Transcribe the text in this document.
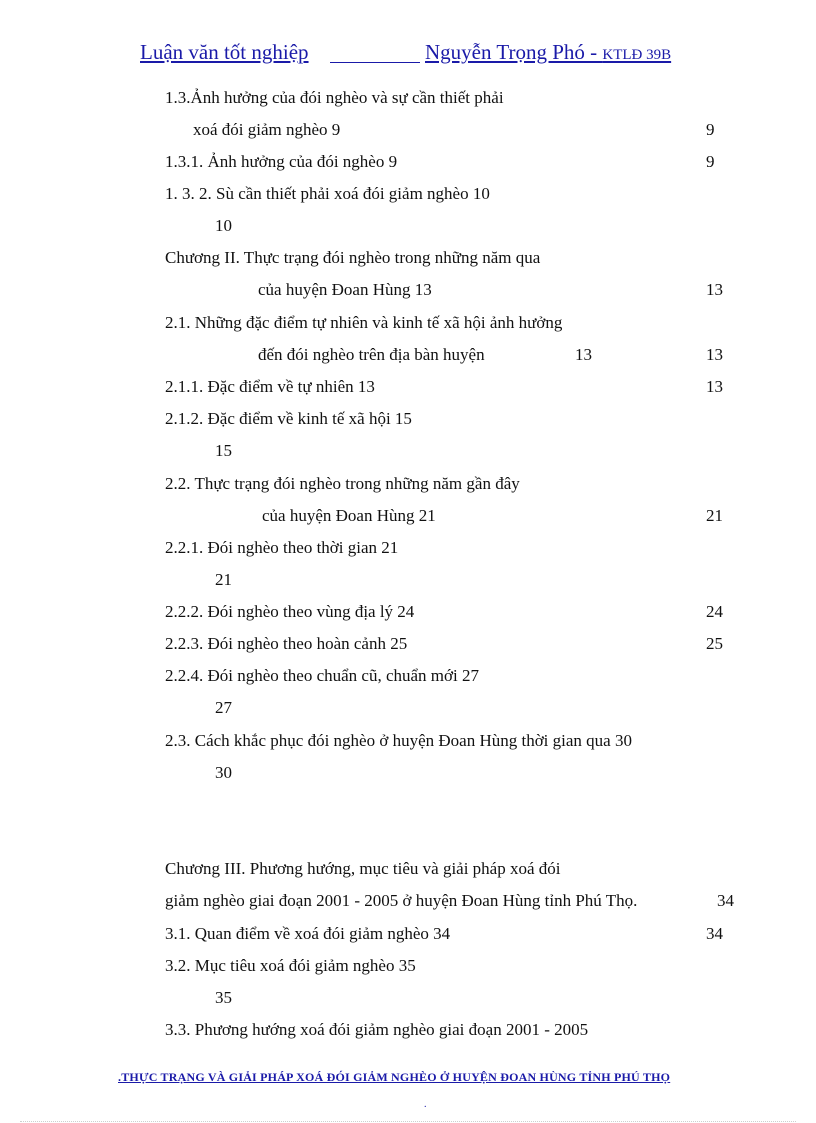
Luận văn tốt nghiệp	Nguyễn Trọng Phó - KTLĐ 39B
1.3.Ảnh hưởng của đói nghèo và sự cần thiết phải
xoá đói giảm nghèo 9	9
1.3.1. Ảnh hưởng của đói nghèo 9	9
1. 3. 2. Sù cần thiết phải xoá đói giảm nghèo 10
10
Chương II. Thực trạng đói nghèo trong những năm qua
của huyện Đoan Hùng 13	13
2.1. Những đặc điểm tự nhiên và kinh tế xã hội ảnh hưởng
đến đói nghèo trên địa bàn huyện	13	13
2.1.1. Đặc điểm về tự nhiên 13	13
2.1.2. Đặc điểm về kinh tế xã hội 15
15
2.2. Thực trạng đói nghèo trong những năm gần đây
của huyện Đoan Hùng 21	21
2.2.1. Đói nghèo theo thời gian 21
21
2.2.2. Đói nghèo theo vùng địa lý 24	24
2.2.3. Đói nghèo theo hoàn cảnh 25	25
2.2.4. Đói nghèo theo chuẩn cũ, chuẩn mới 27
27
2.3. Cách khắc phục đói nghèo ở huyện Đoan Hùng thời gian qua 30
30
Chương III. Phương hướng, mục tiêu và giải pháp xoá đói
giảm nghèo giai đoạn 2001 - 2005 ở huyện Đoan Hùng tỉnh Phú Thọ.	34
3.1. Quan điểm về xoá đói giảm nghèo 34	34
3.2. Mục tiêu xoá đói giảm nghèo 35
35
3.3. Phương hướng xoá đói giảm nghèo giai đoạn 2001 - 2005
.THỰC TRẠNG VÀ GIẢI PHÁP XOÁ ĐÓI GIẢM NGHÈO Ở HUYỆN ĐOAN HÙNG TỈNH PHÚ THỌ
.
